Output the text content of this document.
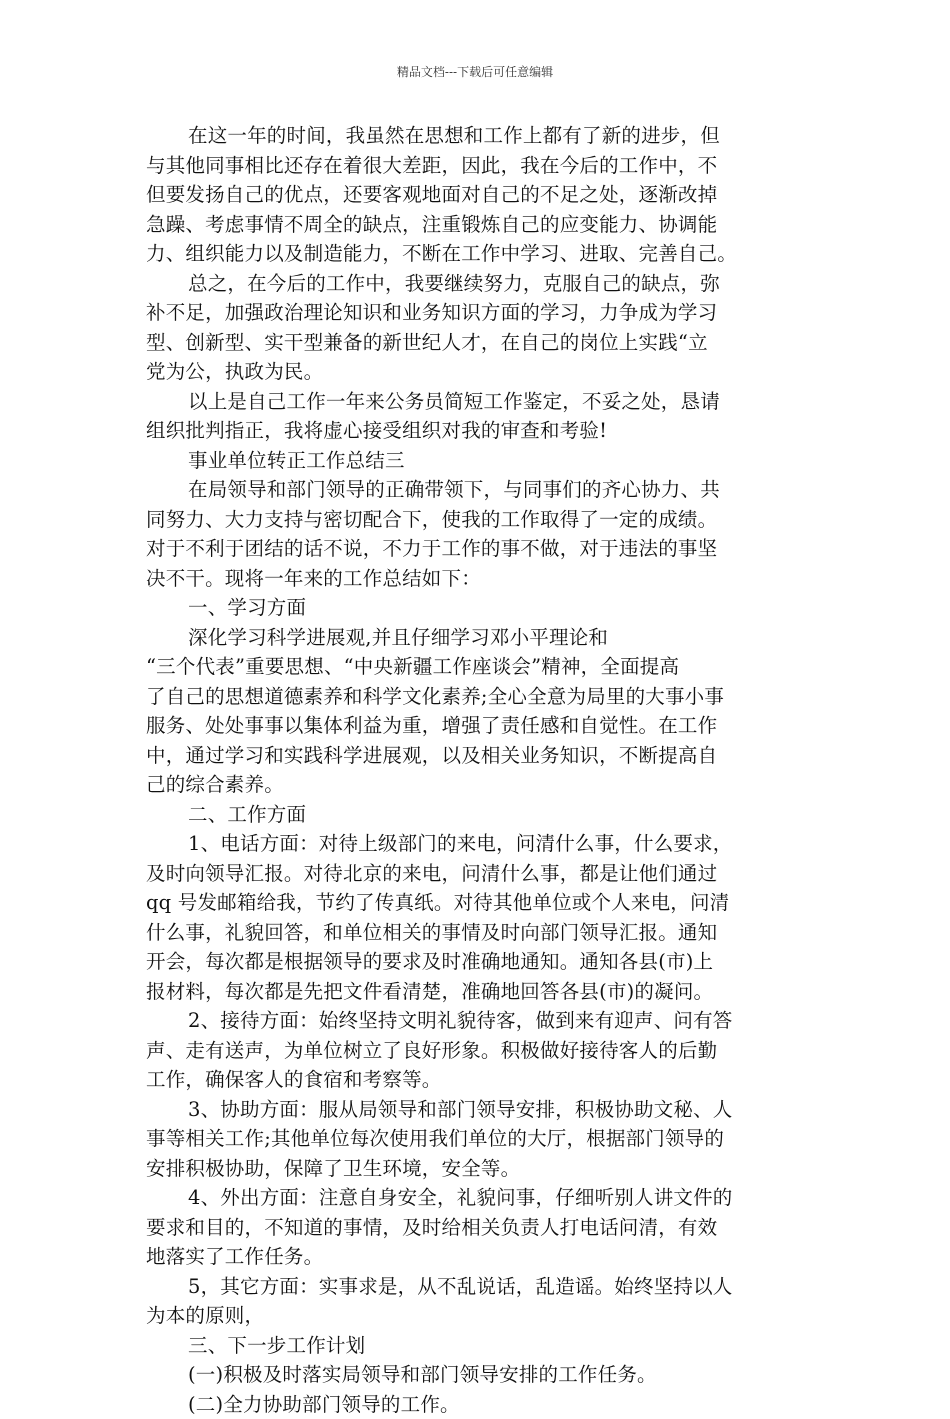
精品文档---下载后可任意编辑
在这一年的时间，我虽然在思想和工作上都有了新的进步，但
与其他同事相比还存在着很大差距，因此，我在今后的工作中，不
但要发扬自己的优点，还要客观地面对自己的不足之处，逐渐改掉
急躁、考虑事情不周全的缺点，注重锻炼自己的应变能力、协调能
力、组织能力以及制造能力，不断在工作中学习、进取、完善自己。
总之，在今后的工作中，我要继续努力，克服自己的缺点，弥
补不足，加强政治理论知识和业务知识方面的学习，力争成为学习
型、创新型、实干型兼备的新世纪人才，在自己的岗位上实践“立
党为公，执政为民。
以上是自己工作一年来公务员简短工作鉴定，不妥之处，恳请
组织批判指正，我将虚心接受组织对我的审查和考验!
事业单位转正工作总结三
在局领导和部门领导的正确带领下，与同事们的齐心协力、共
同努力、大力支持与密切配合下，使我的工作取得了一定的成绩。
对于不利于团结的话不说，不力于工作的事不做，对于违法的事坚
决不干。现将一年来的工作总结如下：
一、学习方面
深化学习科学进展观,并且仔细学习邓小平理论和
“三个代表”重要思想、“中央新疆工作座谈会”精神，全面提高
了自己的思想道德素养和科学文化素养;全心全意为局里的大事小事
服务、处处事事以集体利益为重，增强了责任感和自觉性。在工作
中，通过学习和实践科学进展观，以及相关业务知识，不断提高自
己的综合素养。
二、工作方面
1、电话方面：对待上级部门的来电，问清什么事，什么要求，
及时向领导汇报。对待北京的来电，问清什么事，都是让他们通过
qq 号发邮箱给我，节约了传真纸。对待其他单位或个人来电，问清
什么事，礼貌回答，和单位相关的事情及时向部门领导汇报。通知
开会，每次都是根据领导的要求及时准确地通知。通知各县(市)上
报材料，每次都是先把文件看清楚，准确地回答各县(市)的凝问。
2、接待方面：始终坚持文明礼貌待客，做到来有迎声、问有答
声、走有送声，为单位树立了良好形象。积极做好接待客人的后勤
工作，确保客人的食宿和考察等。
3、协助方面：服从局领导和部门领导安排，积极协助文秘、人
事等相关工作;其他单位每次使用我们单位的大厅，根据部门领导的
安排积极协助，保障了卫生环境，安全等。
4、外出方面：注意自身安全，礼貌问事，仔细听别人讲文件的
要求和目的，不知道的事情，及时给相关负责人打电话问清，有效
地落实了工作任务。
5，其它方面：实事求是，从不乱说话，乱造谣。始终坚持以人
为本的原则，
三、下一步工作计划
(一)积极及时落实局领导和部门领导安排的工作任务。
(二)全力协助部门领导的工作。
